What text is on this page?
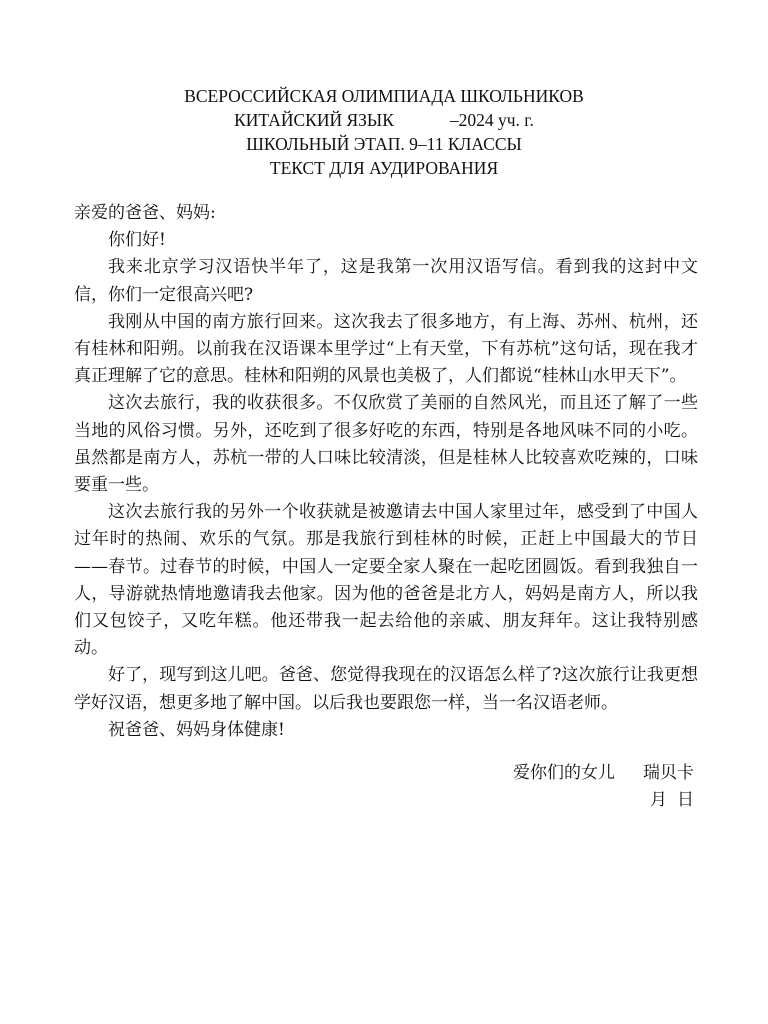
ВСЕРОССИЙСКАЯ ОЛИМПИАДА ШКОЛЬНИКОВ
КИТАЙСКИЙ ЯЗЫК	–2024 уч. г.
ШКОЛЬНЫЙ ЭТАП. 9–11 КЛАССЫ
ТЕКСТ ДЛЯ АУДИРОВАНИЯ

亲爱的爸爸、妈妈:

你们好!

我来北京学习汉语快半年了，这是我第一次用汉语写信。看到我的这封中文信，你们一定很高兴吧?

我刚从中国的南方旅行回来。这次我去了很多地方，有上海、苏州、杭州，还有桂林和阳朔。以前我在汉语课本里学过“上有天堂，下有苏杭”这句话，现在我才真正理解了它的意思。桂林和阳朔的风景也美极了，人们都说“桂林山水甲天下”。

这次去旅行，我的收获很多。不仅欣赏了美丽的自然风光，而且还了解了一些当地的风俗习惯。另外，还吃到了很多好吃的东西，特别是各地风味不同的小吃。虽然都是南方人，苏杭一带的人口味比较清淡，但是桂林人比较喜欢吃辣的，口味要重一些。

这次去旅行我的另外一个收获就是被邀请去中国人家里过年，感受到了中国人过年时的热闹、欢乐的气氛。那是我旅行到桂林的时候，正赶上中国最大的节日——春节。过春节的时候，中国人一定要全家人聚在一起吃团圆饭。看到我独自一人，导游就热情地邀请我去他家。因为他的爸爸是北方人，妈妈是南方人，所以我们又包饺子，又吃年糕。他还带我一起去给他的亲戚、朋友拜年。这让我特别感动。

好了，现写到这儿吧。爸爸、您觉得我现在的汉语怎么样了?这次旅行让我更想学好汉语，想更多地了解中国。以后我也要跟您一样，当一名汉语老师。

祝爸爸、妈妈身体健康!

爱你们的女儿 瑞贝卡
月 日
